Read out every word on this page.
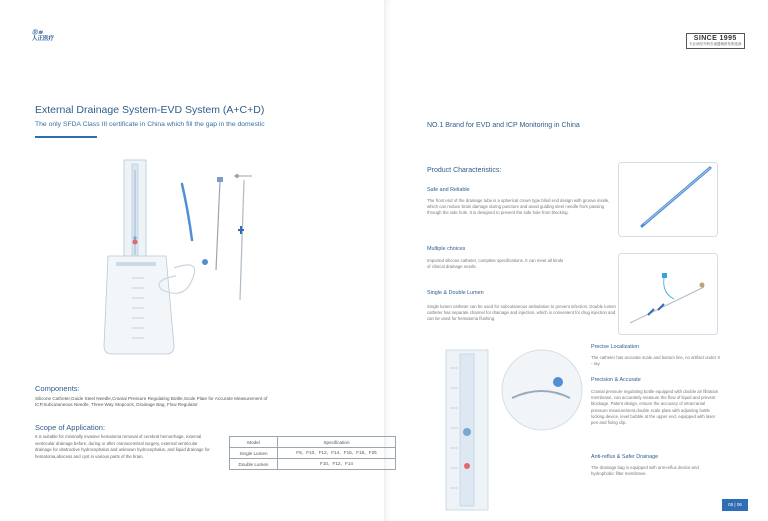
Ⓡ≋
人正医疗	SINCE 1995
专业神经外科引流器械研发制造商
External Drainage System-EVD System (A+C+D)
The only SFDA Class III certificate in China which fill the gap in the domestic
Components:
Silicone Catheter,Guide Steel Needle,Cranial Pressure Regulating Bottle,Scale Plate for Accurate Measurement of ICP,Subcutaneous Needle, Three-Way Stopcock, Drainage Bag, Flow Regulator
Scope of Application:
It is suitable for minimally invasive hematoma removal of cerebral hemorrhage, external ventricular drainage before, during or after craniocerebral surgery, external ventricular drainage for obstructive hydrocephalus and unknown hydrocephalus, and liquid drainage for hematoma,abscess and cyst in various parts of the brain.
Model	Specification
Single Lumen	F6、F10、F12、F14、F16、F18、F25
Double Lumen	F10、F12、F14
NO.1 Brand for EVD and ICP Monitoring in China
Product Characteristics:
Safe and Reliable
The front end of the drainage tube is a spherical crown type blind end design with groove inside, which can reduce brain damage during puncture and avoid guiding steel needle from passing through the side hole. It is designed to prevent the side hole from blocking.
Multiple choices
Imported silicone catheter, complete specifications. It can meet all kinds of clinical drainage needs.
Single & Double Lumen
Single lumen catheter can be used for subcutaneous ambulation to prevent infection. Double lumen catheter has separate channel for drainage and injection, which is convenient for drug injection and can be used for hematoma flushing.
Precise Localization
The catheter has accurate scale and barium line, no artifact under X - ray.
Precision & Accurate
Cranial pressure regulating bottle equipped with double air filtration membrane, can accurately measure the flow of liquid and prevent blockage. Patent design, ensure the accuracy of intracranial pressure measurement,double scale plate with adjusting bottle locking device, level bubble at the upper end, equipped with laser pen and fixing clip.
Anti-reflux & Safer Drainage
The drainage bag is equipped with anti-reflux device and hydrophobic filter membrane.
05 | 06
